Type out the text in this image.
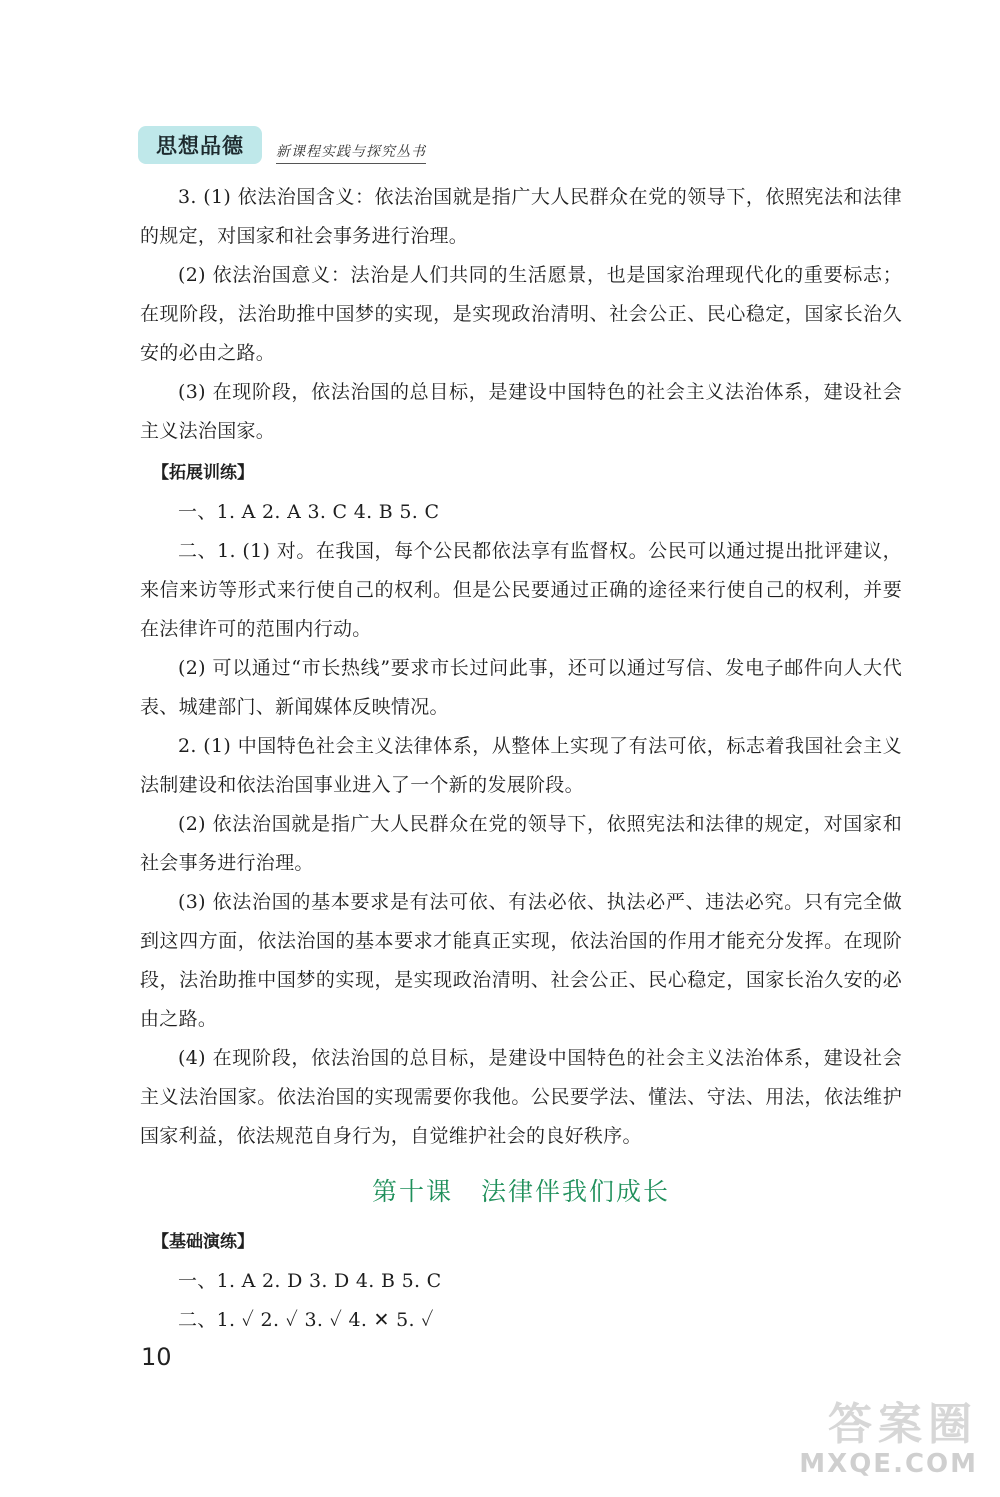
思想品德	新课程实践与探究丛书

3. (1) 依法治国含义：依法治国就是指广大人民群众在党的领导下，依照宪法和法律的规定，对国家和社会事务进行治理。

(2) 依法治国意义：法治是人们共同的生活愿景，也是国家治理现代化的重要标志；在现阶段，法治助推中国梦的实现，是实现政治清明、社会公正、民心稳定，国家长治久安的必由之路。

(3) 在现阶段，依法治国的总目标，是建设中国特色的社会主义法治体系，建设社会主义法治国家。

【拓展训练】

一、1. A 2. A 3. C 4. B 5. C

二、1. (1) 对。在我国，每个公民都依法享有监督权。公民可以通过提出批评建议，来信来访等形式来行使自己的权利。但是公民要通过正确的途径来行使自己的权利，并要在法律许可的范围内行动。

(2) 可以通过“市长热线”要求市长过问此事，还可以通过写信、发电子邮件向人大代表、城建部门、新闻媒体反映情况。

2. (1) 中国特色社会主义法律体系，从整体上实现了有法可依，标志着我国社会主义法制建设和依法治国事业进入了一个新的发展阶段。

(2) 依法治国就是指广大人民群众在党的领导下，依照宪法和法律的规定，对国家和社会事务进行治理。

(3) 依法治国的基本要求是有法可依、有法必依、执法必严、违法必究。只有完全做到这四方面，依法治国的基本要求才能真正实现，依法治国的作用才能充分发挥。在现阶段，法治助推中国梦的实现，是实现政治清明、社会公正、民心稳定，国家长治久安的必由之路。

(4) 在现阶段，依法治国的总目标，是建设中国特色的社会主义法治体系，建设社会主义法治国家。依法治国的实现需要你我他。公民要学法、懂法、守法、用法，依法维护国家利益，依法规范自身行为，自觉维护社会的良好秩序。

第十课 法律伴我们成长
【基础演练】

一、1. A 2. D 3. D 4. B 5. C

二、1. ✓ 2. ✓ 3. ✓ 4. ✕ 5. ✓

10
答案圈
MXQE.COM
